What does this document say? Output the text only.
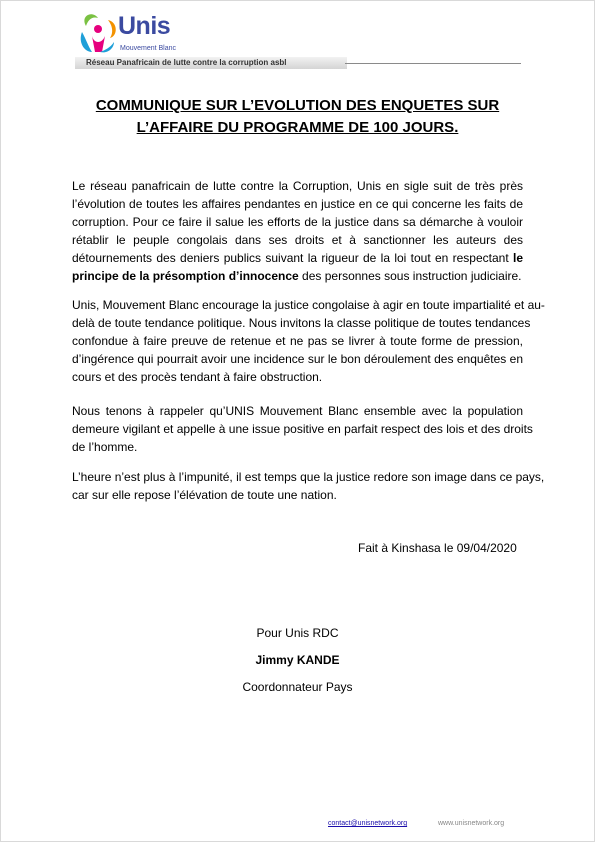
Unis
Mouvement Blanc
Réseau Panafricain de lutte contre la corruption asbl
COMMUNIQUE SUR L’EVOLUTION DES ENQUETES SUR
L’AFFAIRE DU PROGRAMME DE 100 JOURS.
Le réseau panafricain de lutte contre la Corruption, Unis en sigle suit de très près
l’évolution de toutes les affaires pendantes en justice en ce qui concerne les faits de
corruption. Pour ce faire il salue les efforts de la justice dans sa démarche à vouloir
rétablir le peuple congolais dans ses droits et à sanctionner les auteurs des
détournements des deniers publics suivant la rigueur de la loi tout en respectant le
principe de la présomption d’innocence des personnes sous instruction judiciaire.
Unis, Mouvement Blanc encourage la justice congolaise à agir en toute impartialité et au-
delà de toute tendance politique. Nous invitons la classe politique de toutes tendances
confondue à faire preuve de retenue et ne pas se livrer à toute forme de pression,
d’ingérence qui pourrait avoir une incidence sur le bon déroulement des enquêtes en
cours et des procès tendant à faire obstruction.
Nous tenons à rappeler qu’UNIS Mouvement Blanc ensemble avec la population
demeure vigilant et appelle à une issue positive en parfait respect des lois et des droits
de l’homme.
L’heure n’est plus à l’impunité, il est temps que la justice redore son image dans ce pays,
car sur elle repose l’élévation de toute une nation.
Fait à Kinshasa le 09/04/2020
Pour Unis RDC
Jimmy KANDE
Coordonnateur Pays
contact@unisnetwork.org	www.unisnetwork.org
